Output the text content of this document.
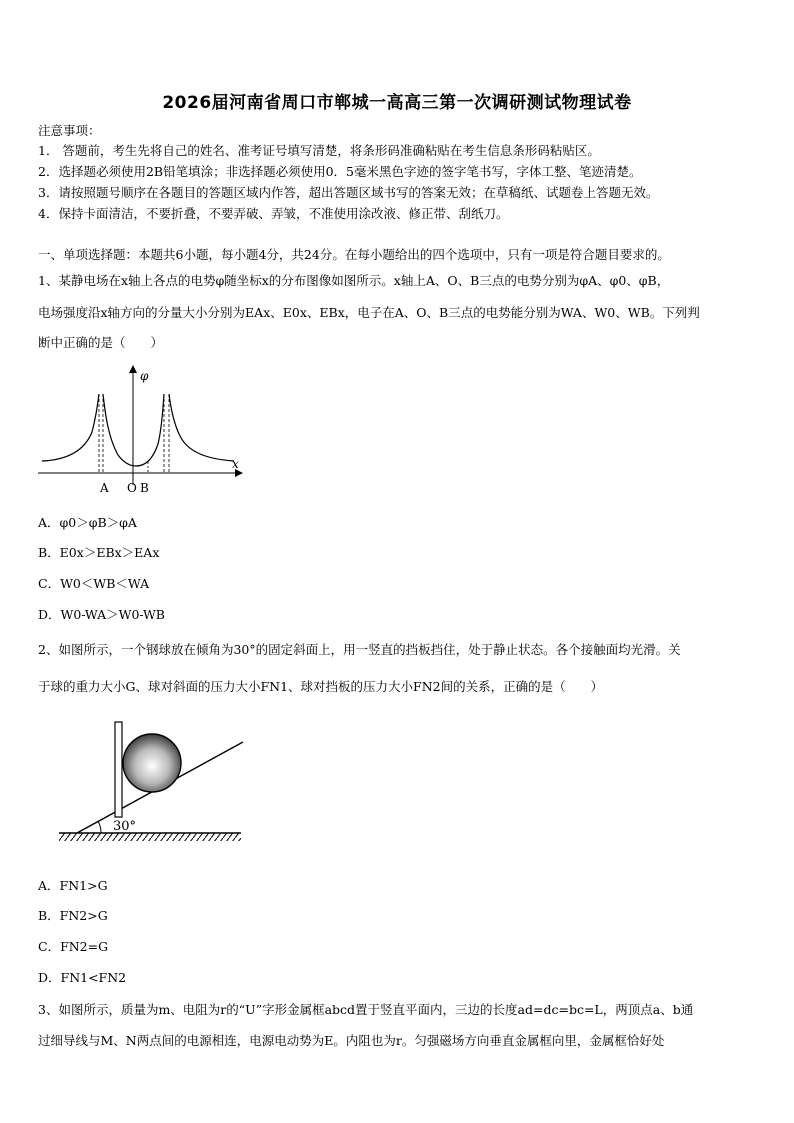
2026届河南省周口市郸城一高高三第一次调研测试物理试卷
注意事项：
1． 答题前，考生先将自己的姓名、准考证号填写清楚，将条形码准确粘贴在考生信息条形码粘贴区。
2．选择题必须使用2B铅笔填涂；非选择题必须使用0．5毫米黑色字迹的签字笔书写，字体工整、笔迹清楚。
3．请按照题号顺序在各题目的答题区域内作答，超出答题区域书写的答案无效；在草稿纸、试题卷上答题无效。
4．保持卡面清洁，不要折叠，不要弄破、弄皱，不准使用涂改液、修正带、刮纸刀。
一、单项选择题：本题共6小题，每小题4分，共24分。在每小题给出的四个选项中，只有一项是符合题目要求的。
1、某静电场在x轴上各点的电势φ随坐标x的分布图像如图所示。x轴上A、O、B三点的电势分别为φA、φ0、φB，
电场强度沿x轴方向的分量大小分别为EAx、E0x、EBx，电子在A、O、B三点的电势能分别为WA、W0、WB。下列判
断中正确的是（　　）
φ
x
A O B
A．φ0＞φB＞φA
B．E0x＞EBx＞EAx
C．W0＜WB＜WA
D．W0-WA＞W0-WB
2、如图所示，一个钢球放在倾角为30°的固定斜面上，用一竖直的挡板挡住，处于静止状态。各个接触面均光滑。关
于球的重力大小G、球对斜面的压力大小FN1、球对挡板的压力大小FN2间的关系，正确的是（　　）
30°
A．FN1>G
B．FN2>G
C．FN2=G
D．FN1<FN2
3、如图所示，质量为m、电阻为r的“U”字形金属框abcd置于竖直平面内，三边的长度ad=dc=bc=L，两顶点a、b通
过细导线与M、N两点间的电源相连，电源电动势为E。内阻也为r。匀强磁场方向垂直金属框向里，金属框恰好处
